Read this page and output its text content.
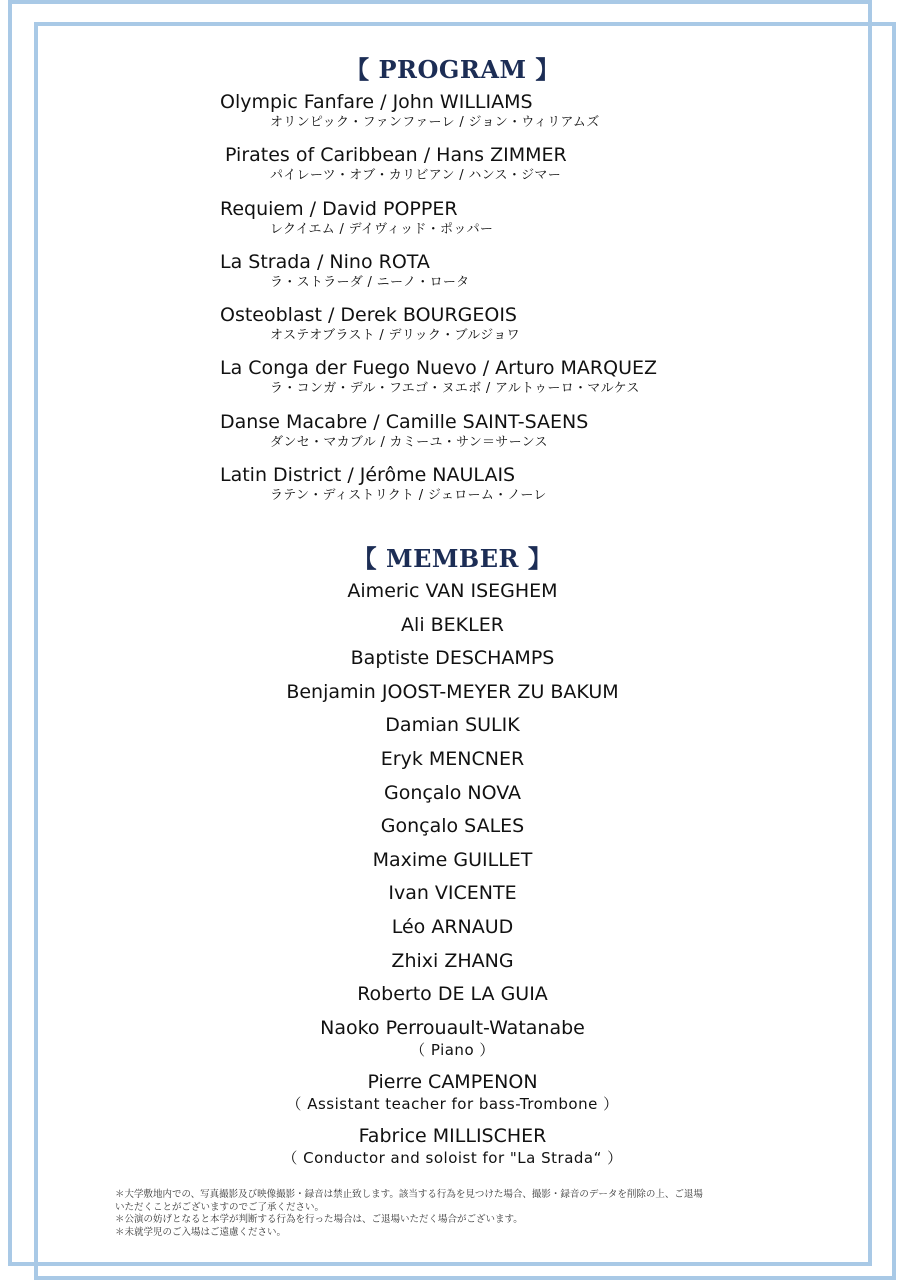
【 PROGRAM 】
Olympic Fanfare / John WILLIAMS
オリンピック・ファンファーレ / ジョン・ウィリアムズ
Pirates of Caribbean / Hans ZIMMER
パイレーツ・オブ・カリビアン / ハンス・ジマー
Requiem / David POPPER
レクイエム / デイヴィッド・ポッパー
La Strada / Nino ROTA
ラ・ストラーダ / ニーノ・ロータ
Osteoblast / Derek BOURGEOIS
オステオブラスト / デリック・ブルジョワ
La Conga der Fuego Nuevo / Arturo MARQUEZ
ラ・コンガ・デル・フエゴ・ヌエボ / アルトゥーロ・マルケス
Danse Macabre / Camille SAINT-SAENS
ダンセ・マカブル / カミーユ・サン＝サーンス
Latin District / Jérôme NAULAIS
ラテン・ディストリクト / ジェローム・ノーレ
【 MEMBER 】
Aimeric VAN ISEGHEM
Ali BEKLER
Baptiste DESCHAMPS
Benjamin JOOST-MEYER ZU BAKUM
Damian SULIK
Eryk MENCNER
Gonçalo NOVA
Gonçalo SALES
Maxime GUILLET
Ivan VICENTE
Léo ARNAUD
Zhixi ZHANG
Roberto DE LA GUIA
Naoko Perrouault-Watanabe
（ Piano ）
Pierre CAMPENON
（ Assistant teacher for bass-Trombone ）
Fabrice MILLISCHER
（ Conductor and soloist for "La Strada“ ）
＊大学敷地内での、写真撮影及び映像撮影・録音は禁止致します。該当する行為を見つけた場合、撮影・録音のデータを削除の上、ご退場
いただくことがございますのでご了承ください。
＊公演の妨げとなると本学が判断する行為を行った場合は、ご退場いただく場合がございます。
＊未就学児のご入場はご遠慮ください。
